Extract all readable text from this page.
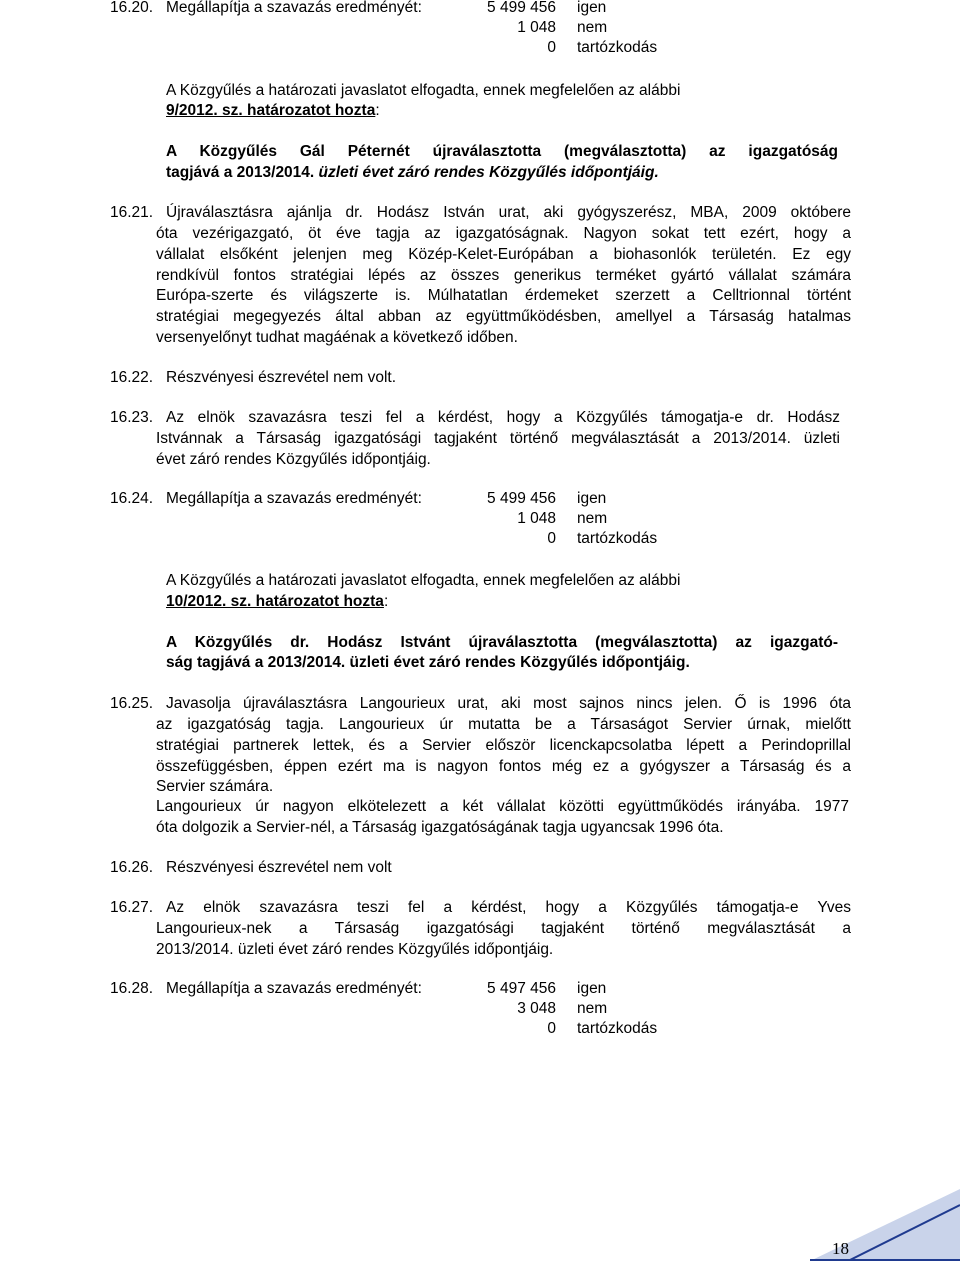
16.20. Megállapítja a szavazás eredményét:	5 499 456 igen
1 048 nem
0 tartózkodás
A Közgyűlés a határozati javaslatot elfogadta, ennek megfelelően az alábbi
9/2012. sz. határozatot hozta:
A Közgyűlés Gál Péternét újraválasztotta (megválasztotta) az igazgatóság
tagjává a 2013/2014. üzleti évet záró rendes Közgyűlés időpontjáig.
16.21. Újraválasztásra ajánlja dr. Hodász István urat, aki gyógyszerész, MBA, 2009 októbere
óta vezérigazgató, öt éve tagja az igazgatóságnak. Nagyon sokat tett ezért, hogy a
vállalat elsőként jelenjen meg Közép-Kelet-Európában a biohasonlók területén. Ez egy
rendkívül fontos stratégiai lépés az összes generikus terméket gyártó vállalat számára
Európa-szerte és világszerte is. Múlhatatlan érdemeket szerzett a Celltrionnal történt
stratégiai megegyezés által abban az együttműködésben, amellyel a Társaság hatalmas
versenyelőnyt tudhat magáénak a következő időben.
16.22. Részvényesi észrevétel nem volt.
16.23. Az elnök szavazásra teszi fel a kérdést, hogy a Közgyűlés támogatja-e dr. Hodász
Istvánnak a Társaság igazgatósági tagjaként történő megválasztását a 2013/2014. üzleti
évet záró rendes Közgyűlés időpontjáig.
16.24. Megállapítja a szavazás eredményét:	5 499 456 igen
1 048 nem
0 tartózkodás
A Közgyűlés a határozati javaslatot elfogadta, ennek megfelelően az alábbi
10/2012. sz. határozatot hozta:
A Közgyűlés dr. Hodász Istvánt újraválasztotta (megválasztotta) az igazgató-
ság tagjává a 2013/2014. üzleti évet záró rendes Közgyűlés időpontjáig.
16.25. Javasolja újraválasztásra Langourieux urat, aki most sajnos nincs jelen. Ő is 1996 óta
az igazgatóság tagja. Langourieux úr mutatta be a Társaságot Servier úrnak, mielőtt
stratégiai partnerek lettek, és a Servier először licenckapcsolatba lépett a Perindoprillal
összefüggésben, éppen ezért ma is nagyon fontos még ez a gyógyszer a Társaság és a
Servier számára.
Langourieux úr nagyon elkötelezett a két vállalat közötti együttműködés irányába. 1977
óta dolgozik a Servier-nél, a Társaság igazgatóságának tagja ugyancsak 1996 óta.
16.26. Részvényesi észrevétel nem volt
16.27. Az elnök szavazásra teszi fel a kérdést, hogy a Közgyűlés támogatja-e Yves
Langourieux-nek a Társaság igazgatósági tagjaként történő megválasztását a
2013/2014. üzleti évet záró rendes Közgyűlés időpontjáig.
16.28. Megállapítja a szavazás eredményét:	5 497 456 igen
3 048 nem
0 tartózkodás
18
